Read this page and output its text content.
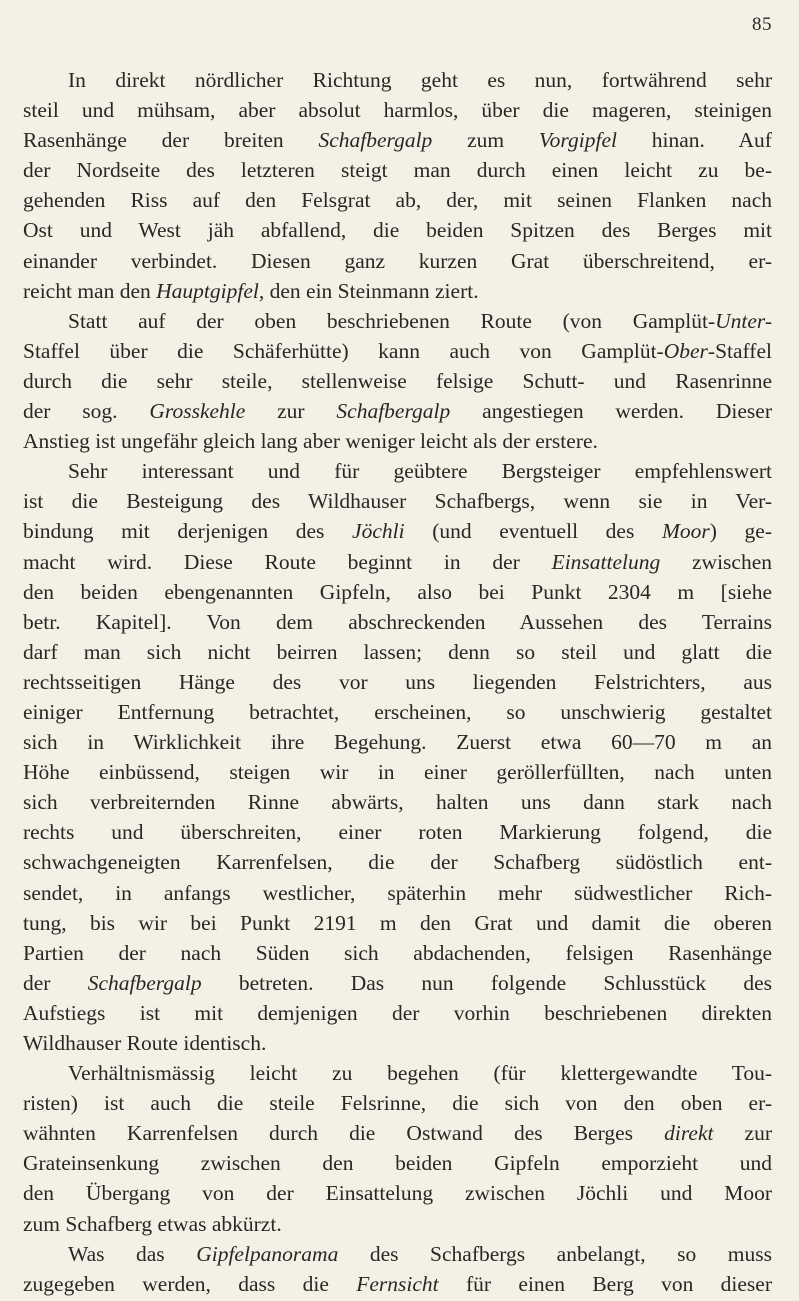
85
In direkt nördlicher Richtung geht es nun, fortwährend sehr
steil und mühsam, aber absolut harmlos, über die mageren, steinigen
Rasenhänge der breiten Schafbergalp zum Vorgipfel hinan. Auf
der Nordseite des letzteren steigt man durch einen leicht zu be-
gehenden Riss auf den Felsgrat ab, der, mit seinen Flanken nach
Ost und West jäh abfallend, die beiden Spitzen des Berges mit
einander verbindet. Diesen ganz kurzen Grat überschreitend, er-
reicht man den Hauptgipfel, den ein Steinmann ziert.
Statt auf der oben beschriebenen Route (von Gamplüt-Unter-
Staffel über die Schäferhütte) kann auch von Gamplüt-Ober-Staffel
durch die sehr steile, stellenweise felsige Schutt- und Rasenrinne
der sog. Grosskehle zur Schafbergalp angestiegen werden. Dieser
Anstieg ist ungefähr gleich lang aber weniger leicht als der erstere.
Sehr interessant und für geübtere Bergsteiger empfehlenswert
ist die Besteigung des Wildhauser Schafbergs, wenn sie in Ver-
bindung mit derjenigen des Jöchli (und eventuell des Moor) ge-
macht wird. Diese Route beginnt in der Einsattelung zwischen
den beiden ebengenannten Gipfeln, also bei Punkt 2304 m [siehe
betr. Kapitel]. Von dem abschreckenden Aussehen des Terrains
darf man sich nicht beirren lassen; denn so steil und glatt die
rechtsseitigen Hänge des vor uns liegenden Felstrichters, aus
einiger Entfernung betrachtet, erscheinen, so unschwierig gestaltet
sich in Wirklichkeit ihre Begehung. Zuerst etwa 60—70 m an
Höhe einbüssend, steigen wir in einer geröllerfüllten, nach unten
sich verbreiternden Rinne abwärts, halten uns dann stark nach
rechts und überschreiten, einer roten Markierung folgend, die
schwachgeneigten Karrenfelsen, die der Schafberg südöstlich ent-
sendet, in anfangs westlicher, späterhin mehr südwestlicher Rich-
tung, bis wir bei Punkt 2191 m den Grat und damit die oberen
Partien der nach Süden sich abdachenden, felsigen Rasenhänge
der Schafbergalp betreten. Das nun folgende Schlusstück des
Aufstiegs ist mit demjenigen der vorhin beschriebenen direkten
Wildhauser Route identisch.
Verhältnismässig leicht zu begehen (für klettergewandte Tou-
risten) ist auch die steile Felsrinne, die sich von den oben er-
wähnten Karrenfelsen durch die Ostwand des Berges direkt zur
Grateinsenkung zwischen den beiden Gipfeln emporzieht und
den Übergang von der Einsattelung zwischen Jöchli und Moor
zum Schafberg etwas abkürzt.
Was das Gipfelpanorama des Schafbergs anbelangt, so muss
zugegeben werden, dass die Fernsicht für einen Berg von dieser
